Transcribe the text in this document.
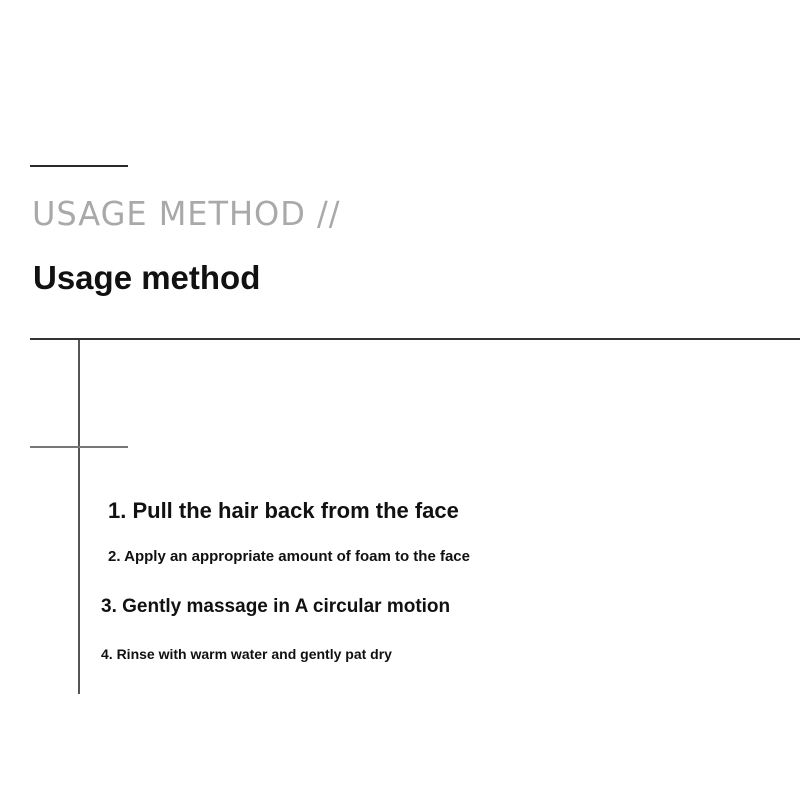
USAGE METHOD //
Usage method
1. Pull the hair back from the face
2. Apply an appropriate amount of foam to the face
3. Gently massage in A circular motion
4. Rinse with warm water and gently pat dry
